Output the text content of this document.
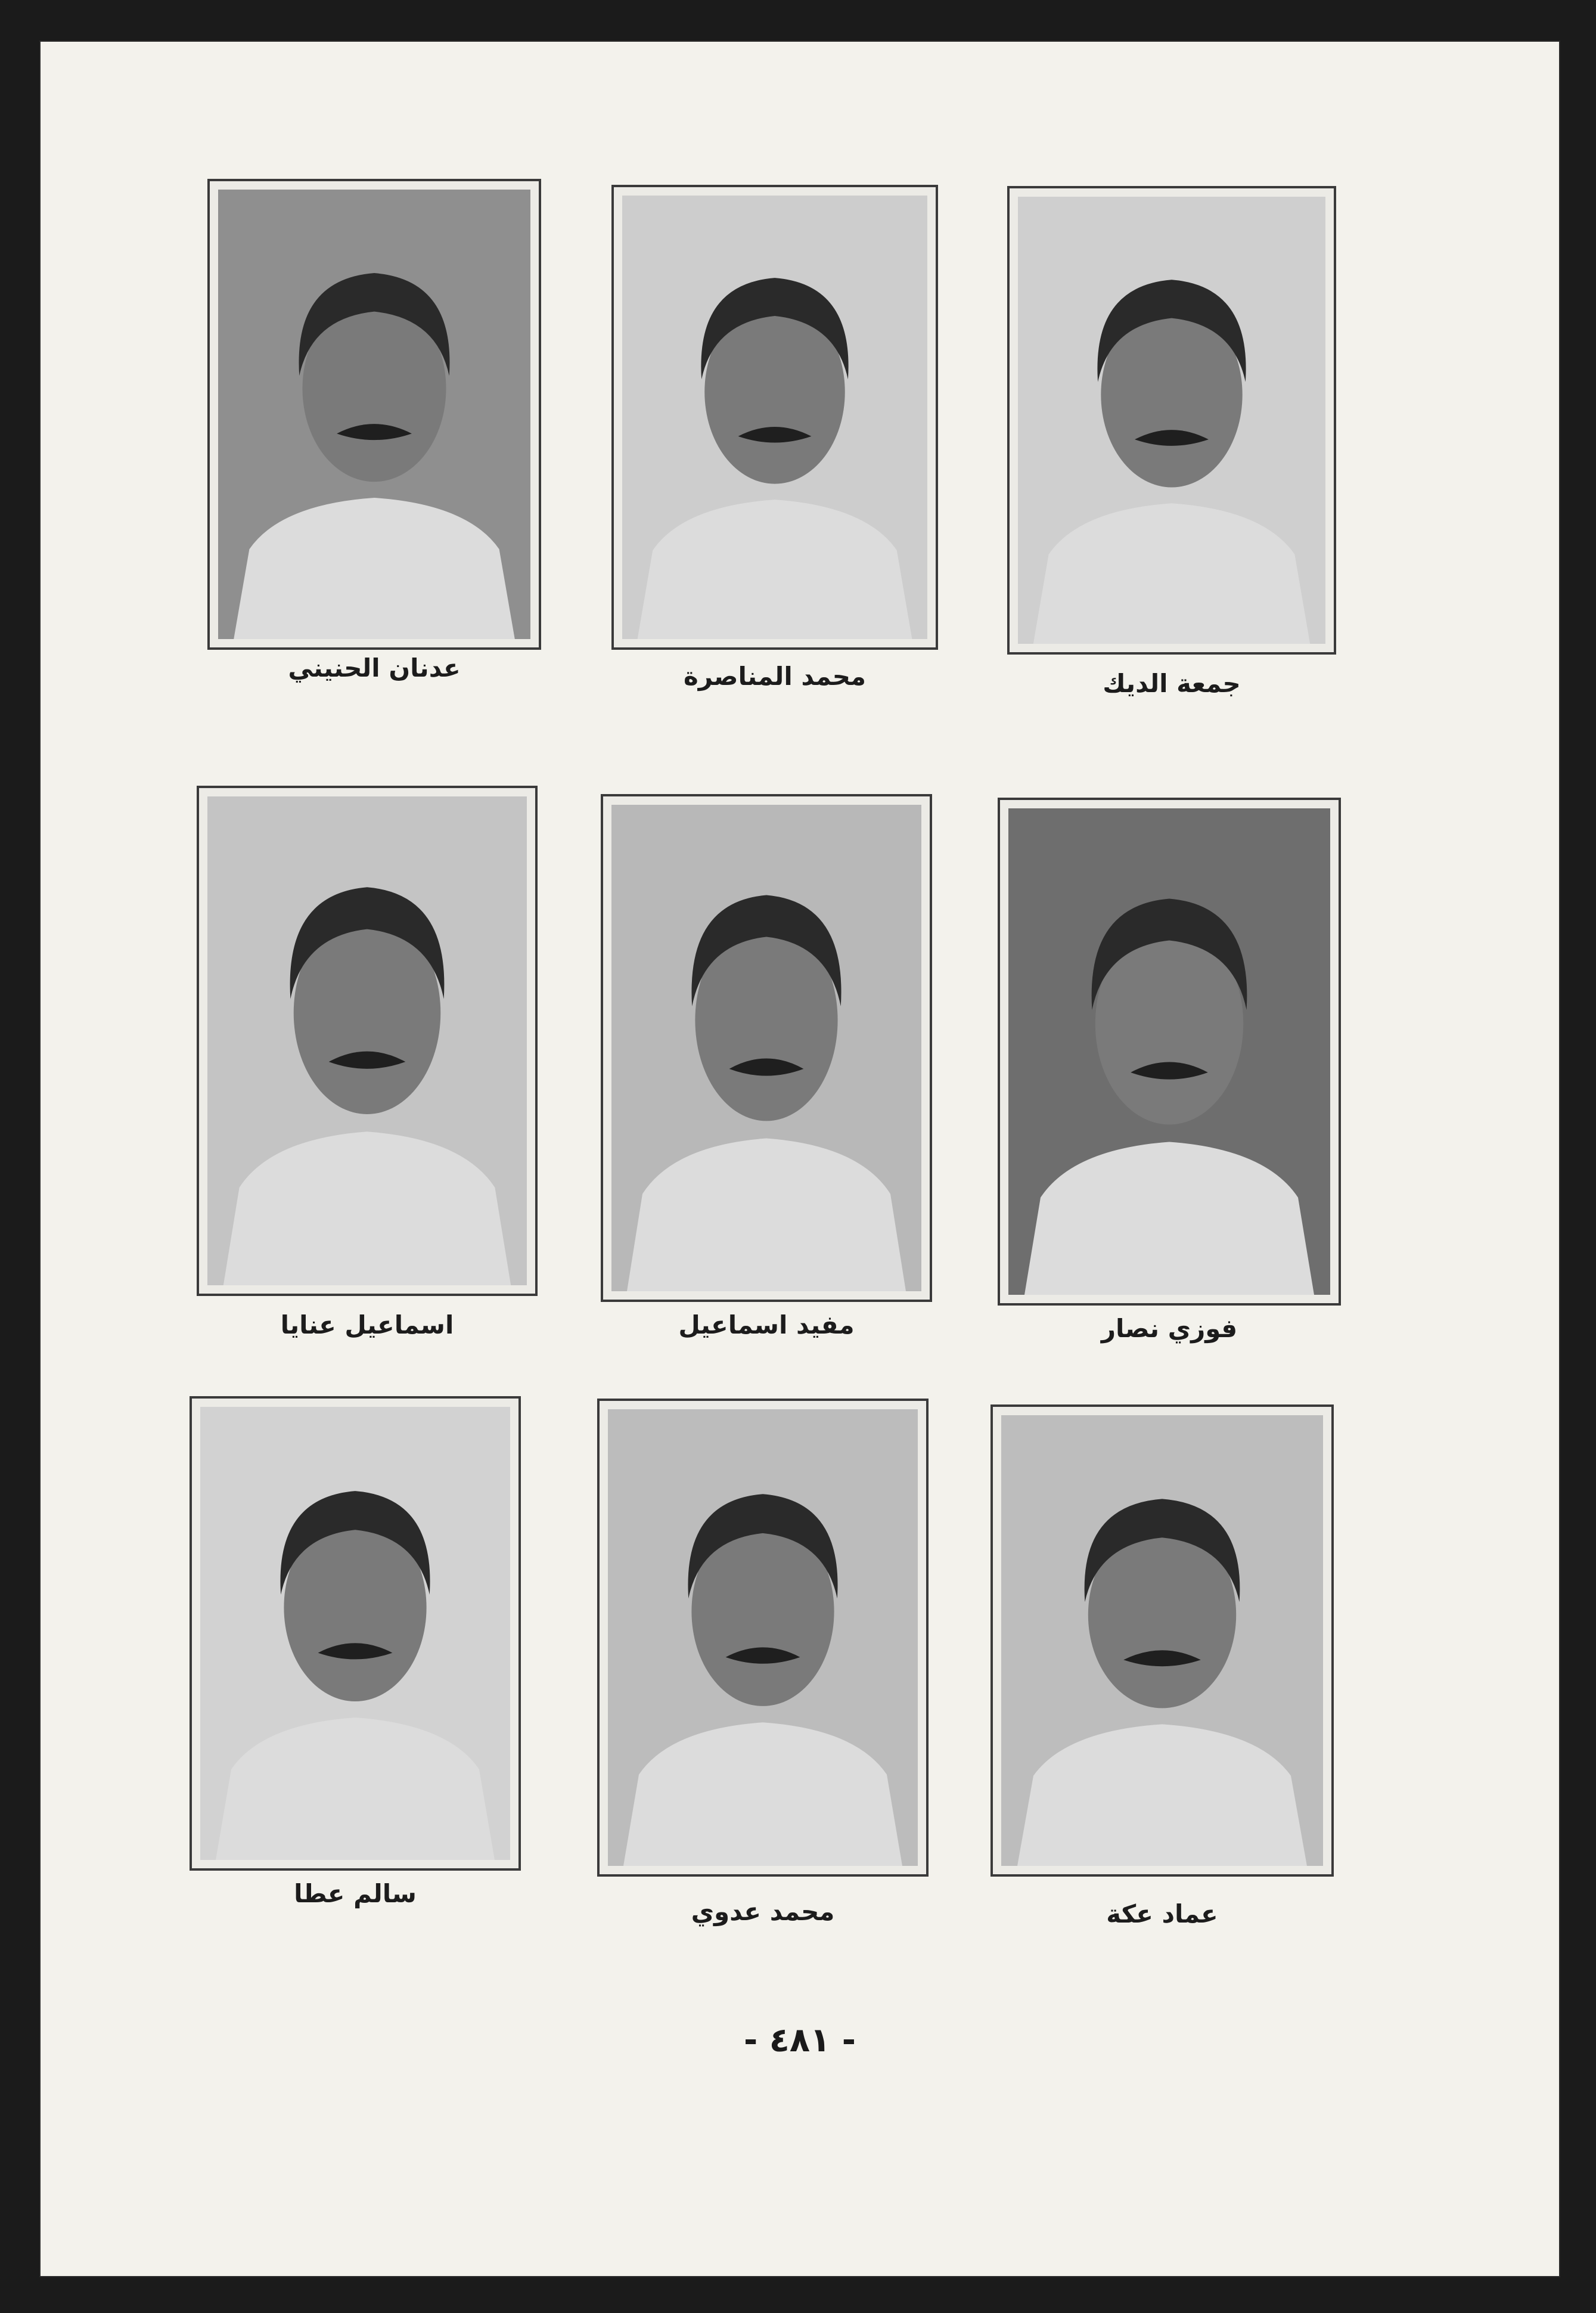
جمعة الديك
محمد المناصرة
عدنان الحنيني
فوزي نصار
مفيد اسماعيل
اسماعيل عنايا
عماد عكة
محمد عدوي
سالم عطا
- ٤٨١ -
